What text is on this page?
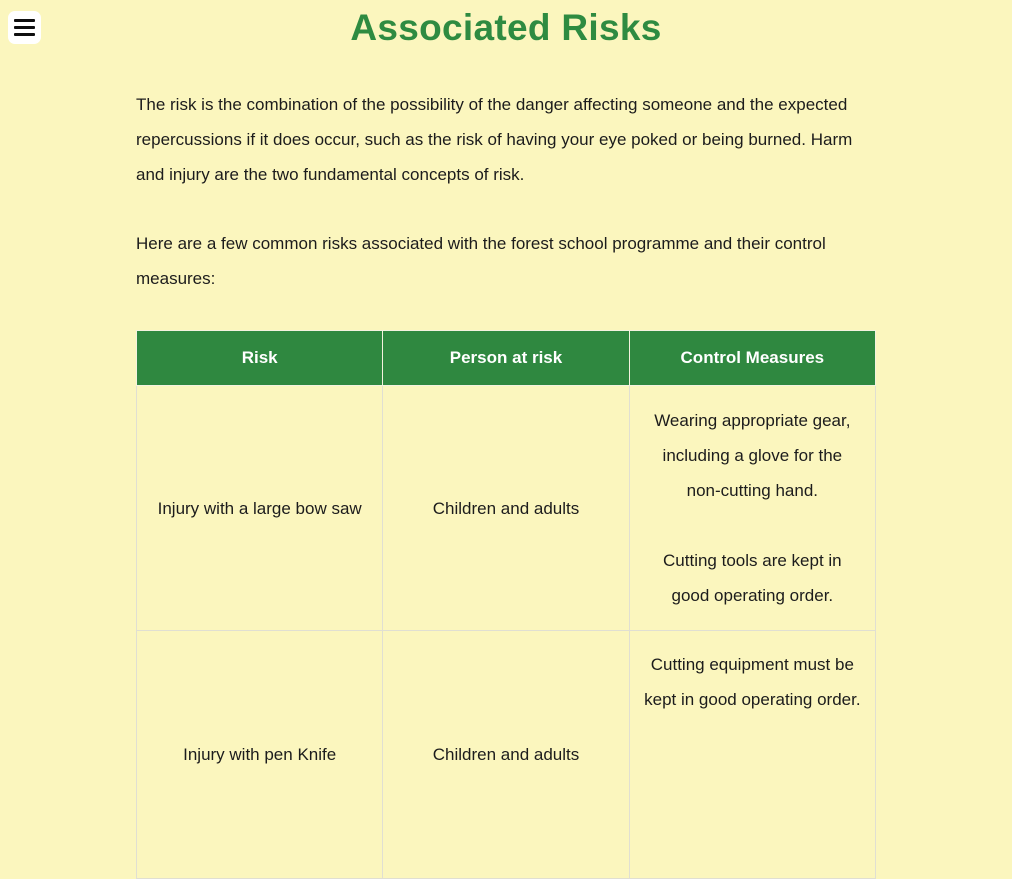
Associated Risks

The risk is the combination of the possibility of the danger affecting someone and the expected repercussions if it does occur, such as the risk of having your eye poked or being burned. Harm and injury are the two fundamental concepts of risk.

Here are a few common risks associated with the forest school programme and their control measures:

Risk	Person at risk	Control Measures
Injury with a large bow saw	Children and adults	Wearing appropriate gear, including a glove for the non-cutting hand.

Cutting tools are kept in good operating order.

Injury with pen Knife	Children and adults	Cutting equipment must be kept in good operating order.
